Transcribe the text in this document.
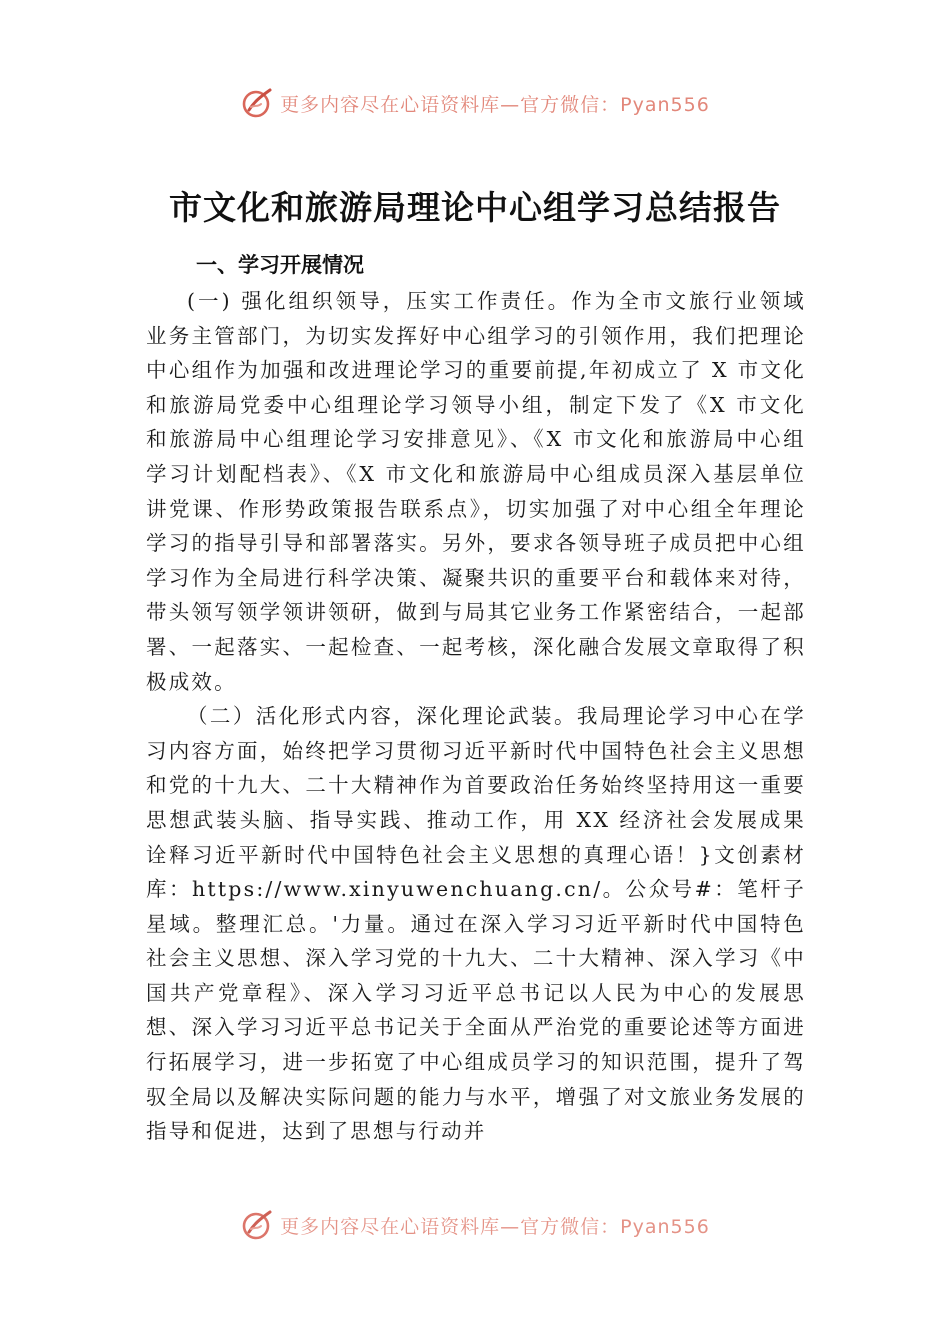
更多内容尽在心语资料库—官方微信：Pyan556
市文化和旅游局理论中心组学习总结报告
一、学习开展情况

(一) 强化组织领导，压实工作责任。作为全市文旅行业领域业务主管部门，为切实发挥好中心组学习的引领作用，我们把理论中心组作为加强和改进理论学习的重要前提,年初成立了 X 市文化和旅游局党委中心组理论学习领导小组，制定下发了《X 市文化和旅游局中心组理论学习安排意见》、《X 市文化和旅游局中心组学习计划配档表》、《X 市文化和旅游局中心组成员深入基层单位讲党课、作形势政策报告联系点》，切实加强了对中心组全年理论学习的指导引导和部署落实。另外，要求各领导班子成员把中心组学习作为全局进行科学决策、凝聚共识的重要平台和载体来对待，带头领写领学领讲领研，做到与局其它业务工作紧密结合，一起部署、一起落实、一起检查、一起考核，深化融合发展文章取得了积极成效。

（二）活化形式内容，深化理论武装。我局理论学习中心在学习内容方面，始终把学习贯彻习近平新时代中国特色社会主义思想和党的十九大、二十大精神作为首要政治任务始终坚持用这一重要思想武装头脑、指导实践、推动工作，用 XX 经济社会发展成果诠释习近平新时代中国特色社会主义思想的真理心语！}文创素材库：https://www.xinyuwenchuang.cn/。公众号#：笔杆子星域。整理汇总。'力量。通过在深入学习习近平新时代中国特色社会主义思想、深入学习党的十九大、二十大精神、深入学习《中国共产党章程》、深入学习习近平总书记以人民为中心的发展思想、深入学习习近平总书记关于全面从严治党的重要论述等方面进行拓展学习，进一步拓宽了中心组成员学习的知识范围，提升了驾驭全局以及解决实际问题的能力与水平，增强了对文旅业务发展的指导和促进，达到了思想与行动并

更多内容尽在心语资料库—官方微信：Pyan556
